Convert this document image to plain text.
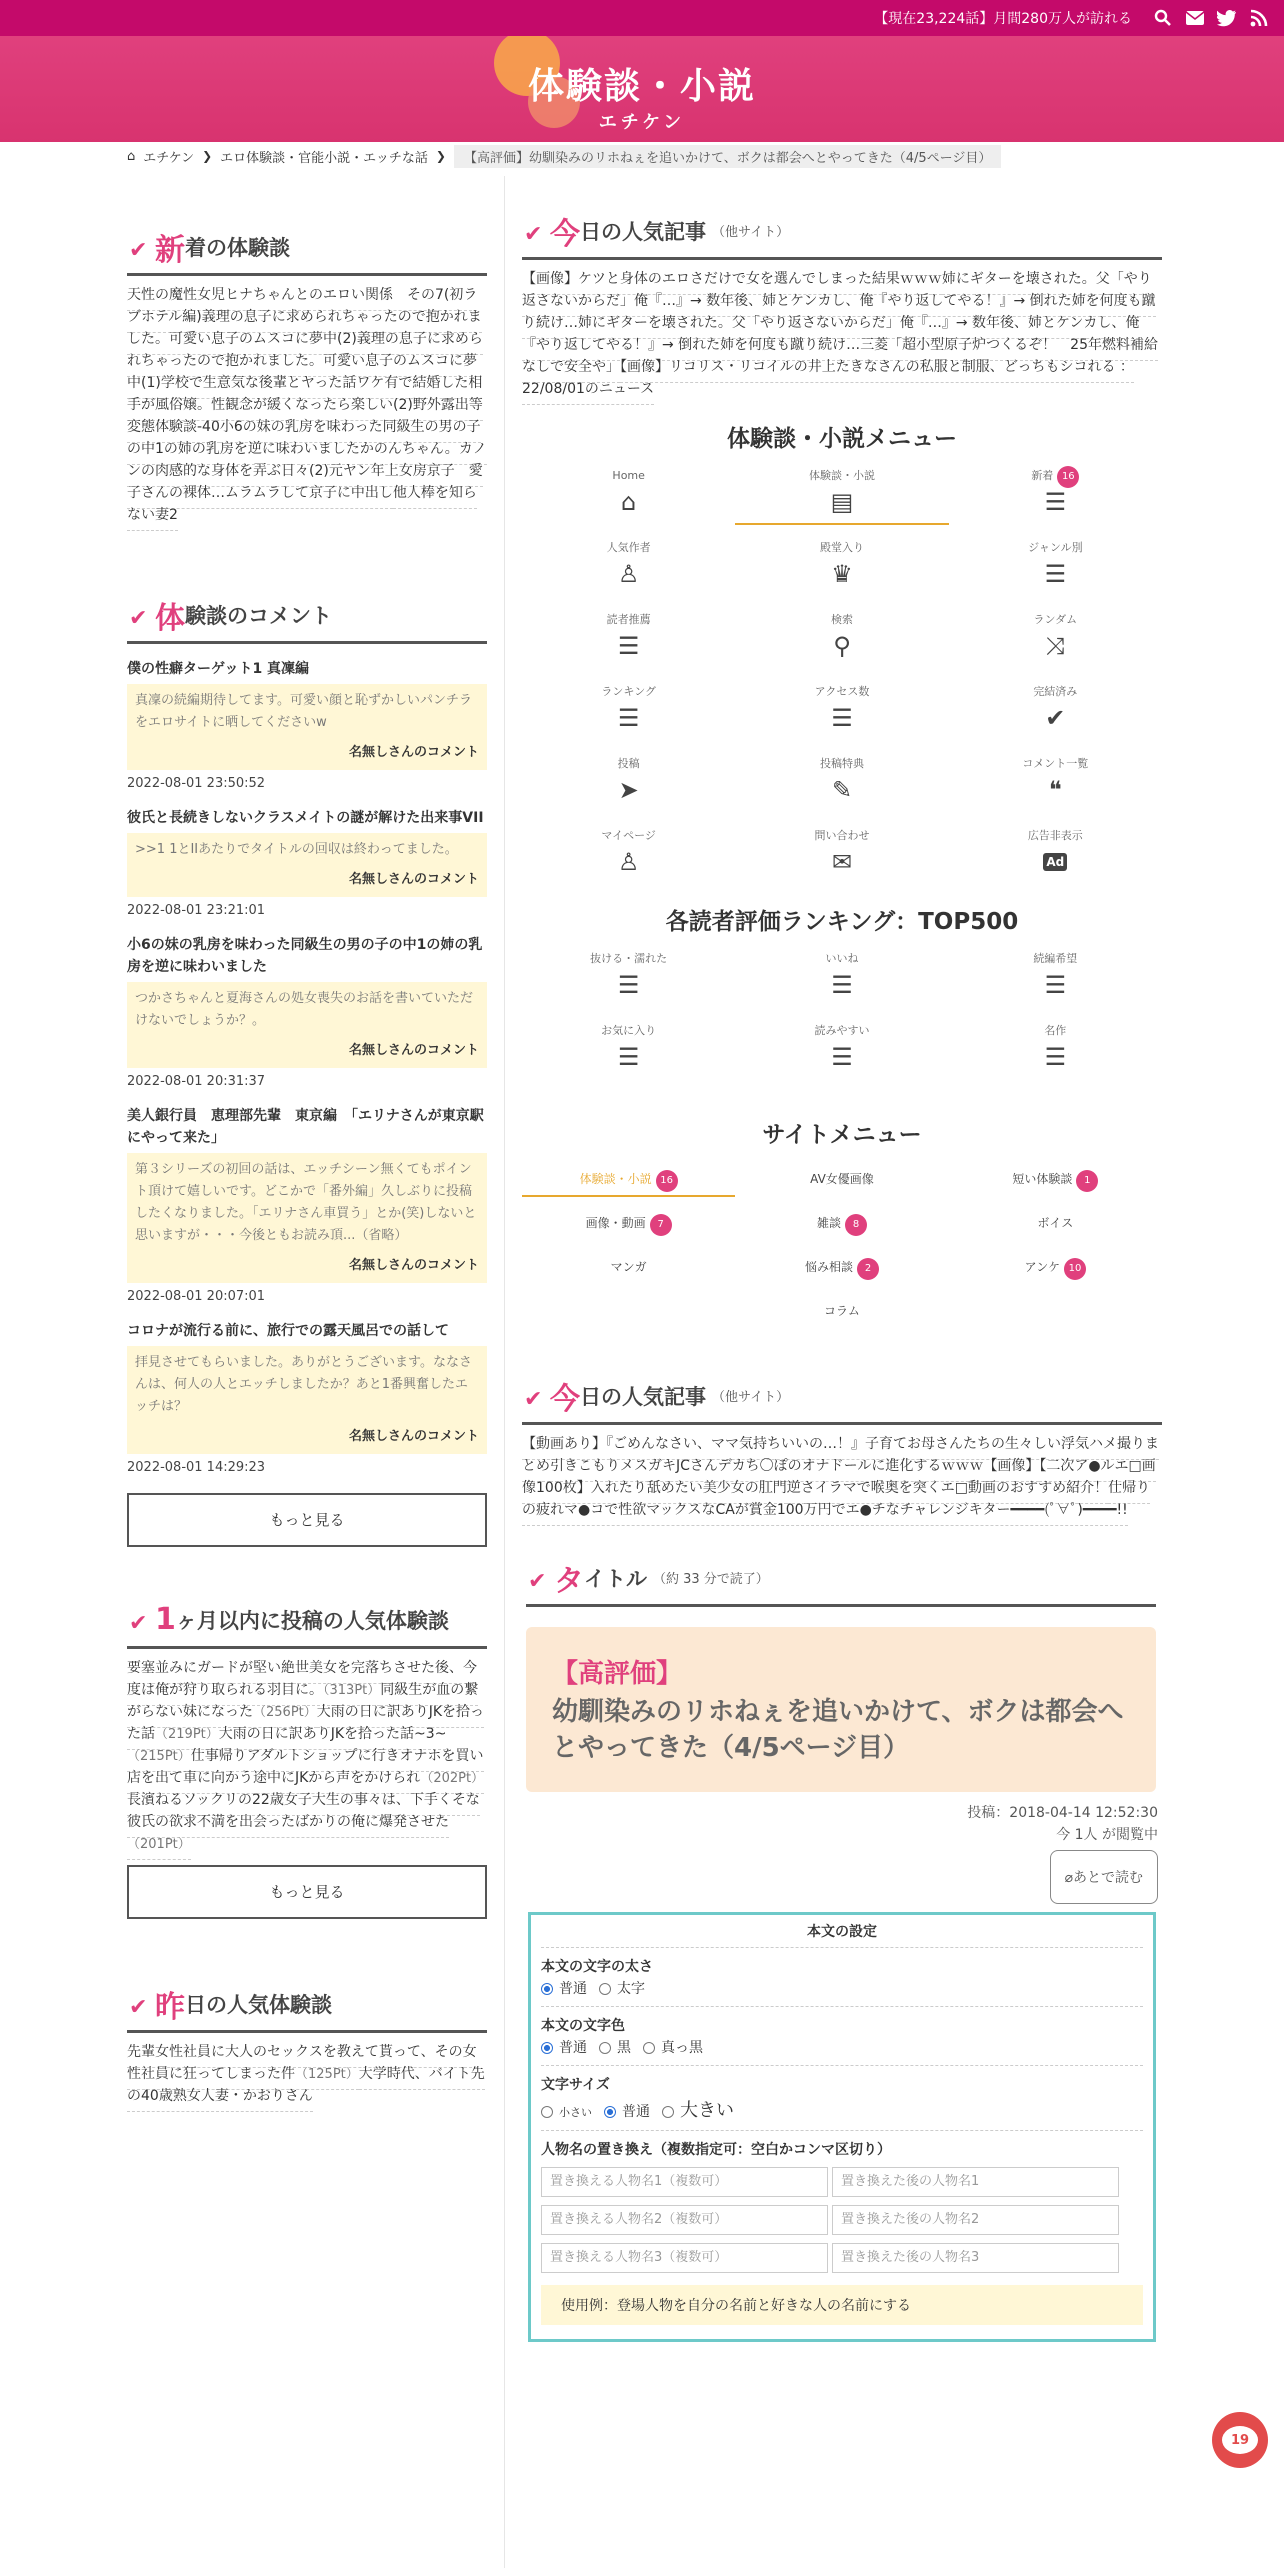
【現在23,224話】月間280万人が訪れる
体験談・小説
エチケン
⌂ エチケン ❯ エロ体験談・官能小説・エッチな話 ❯	【高評価】幼馴染みのリホねぇを追いかけて、ボクは都会へとやってきた（4/5ページ目）
✔ 新 着の体験談
天性の魔性女児ヒナちゃんとのエロい関係　その7(初ラブホテル編)義理の息子に求められちゃったので抱かれました。可愛い息子のムスコに夢中(2)義理の息子に求められちゃったので抱かれました。可愛い息子のムスコに夢中(1)学校で生意気な後輩とヤった話ワケ有で結婚した相手が風俗嬢。性観念が緩くなったら楽しい(2)野外露出等変態体験談-40小6の妹の乳房を味わった同級生の男の子の中1の姉の乳房を逆に味わいましたかのんちゃん。カノンの肉感的な身体を弄ぶ日々(2)元ヤン年上女房京子　愛子さんの裸体…ムラムラして京子に中出し他人棒を知らない妻2
✔ 体 験談のコメント
僕の性癖ターゲット1 真凜編
真凜の続編期待してます。可愛い顔と恥ずかしいパンチラをエロサイトに晒してくださいw
名無しさんのコメント
2022-08-01 23:50:52
彼氏と長続きしないクラスメイトの謎が解けた出来事VII
>>1 1とIIあたりでタイトルの回収は終わってました。
名無しさんのコメント
2022-08-01 23:21:01
小6の妹の乳房を味わった同級生の男の子の中1の姉の乳房を逆に味わいました
つかさちゃんと夏海さんの処女喪失のお話を書いていただけないでしょうか？。
名無しさんのコメント
2022-08-01 20:31:37
美人銀行員　恵理部先輩　東京編　「エリナさんが東京駅にやって来た」
第３シリーズの初回の話は、エッチシーン無くてもポイント頂けて嬉しいです。どこかで「番外編」久しぶりに投稿したくなりました。「エリナさん車買う」とか(笑)しないと思いますが・・・今後ともお読み頂...（省略）
名無しさんのコメント
2022-08-01 20:07:01
コロナが流行る前に、旅行での露天風呂での話して
拝見させてもらいました。ありがとうございます。ななさんは、何人の人とエッチしましたか？あと1番興奮したエッチは？
名無しさんのコメント
2022-08-01 14:29:23
もっと見る
✔ 1 ヶ月以内に投稿の人気体験談
要塞並みにガードが堅い絶世美女を完落ちさせた後、今度は俺が狩り取られる羽目に。（313Pt）同級生が血の繋がらない妹になった（256Pt）大雨の日に訳ありJKを拾った話（219Pt）大雨の日に訳ありJKを拾った話~3~（215Pt）仕事帰りアダルトショップに行きオナホを買い店を出て車に向かう途中にJKから声をかけられ（202Pt）長濱ねるソックリの22歳女子大生の事々は、下手くそな彼氏の欲求不満を出会ったばかりの俺に爆発させた（201Pt）
もっと見る
✔ 昨 日の人気体験談
先輩女性社員に大人のセックスを教えて貰って、その女性社員に狂ってしまった件（125Pt）大学時代、バイト先の40歳熟女人妻・かおりさん
✔ 今 日の人気記事 （他サイト）
【画像】ケツと身体のエロさだけで女を選んでしまった結果ｗｗｗ姉にギターを壊された。父「やり返さないからだ」俺『…』→ 数年後、姉とケンカし、俺『やり返してやる！』→ 倒れた姉を何度も蹴り続け…姉にギターを壊された。父「やり返さないからだ」俺『…』→ 数年後、姉とケンカし、俺『やり返してやる！』→ 倒れた姉を何度も蹴り続け…三菱「超小型原子炉つくるぞ！　25年燃料補給なしで安全や」【画像】リコリス・リコイルの井上たきなさんの私服と制服、どっちもシコれる ：22/08/01のニュース
体験談・小説メニュー
Home
⌂
体験談・小説
▤
新着 16
☰
人気作者
♙
殿堂入り
♛
ジャンル別
☰
読者推薦
☰
検索
⚲
ランダム
⤨
ランキング
☰
アクセス数
☰
完結済み
✔
投稿
➤
投稿特典
✎
コメント一覧
❝
マイページ
♙
問い合わせ
✉
広告非表示
Ad
各読者評価ランキング：TOP500
抜ける・濡れた
☰
いいね
☰
続編希望
☰
お気に入り
☰
読みやすい
☰
名作
☰
サイトメニュー
体験談・小説 16	AV女優画像	短い体験談 1
画像・動画 7	雑談 8	ボイス
マンガ	悩み相談 2	アンケ 10
コラム
✔ 今 日の人気記事 （他サイト）
【動画あり】『ごめんなさい、ママ気持ちいいの…！』子育てお母さんたちの生々しい浮気ハメ撮りまとめ引きこもりメスガキJCさんデカち〇ぽのオナドールに進化するｗｗｗ【画像】【二次ア●ルエ□画像100枚】入れたり舐めたい美少女の肛門逆さイラマで喉奥を突くエ□動画のおすすめ紹介！仕帰りの疲れマ●コで性欲マックスなCAが賞金100万円でエ●チなチャレンジキター━━━━(ﾟ∀ﾟ)━━━━!!
✔ タ イトル （約 33 分で読了）
【高評価】
幼馴染みのリホねぇを追いかけて、ボクは都会へとやってきた（4/5ページ目）
投稿：2018-04-14 12:52:30
今 1人 が閲覧中
⌀あとで読む
本文の設定
本文の文字の太さ
普通 太字
本文の文字色
普通 黒 真っ黒
文字サイズ
小さい 普通 大きい
人物名の置き換え（複数指定可：空白かコンマ区切り）
置き換える人物名1（複数可）	置き換えた後の人物名1
置き換える人物名2（複数可）	置き換えた後の人物名2
置き換える人物名3（複数可）	置き換えた後の人物名3
使用例：登場人物を自分の名前と好きな人の名前にする
19
